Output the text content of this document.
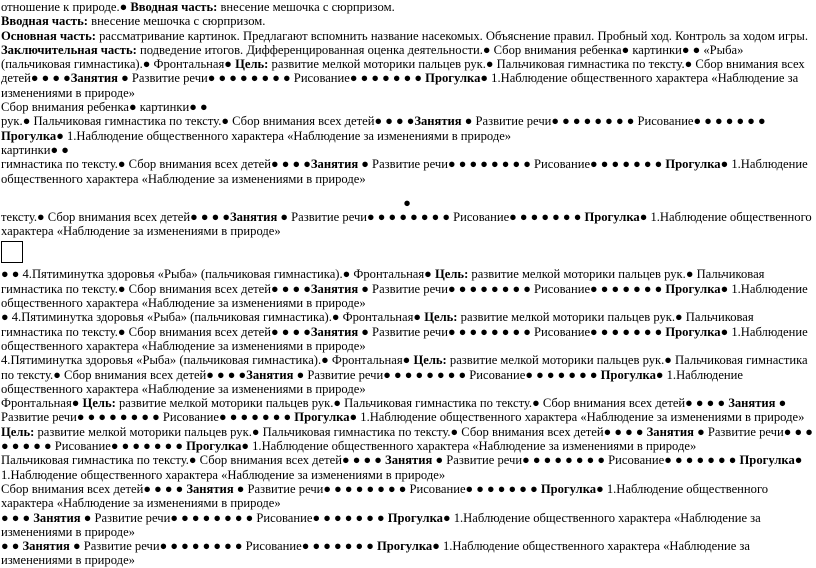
отношение к природе.● Вводная часть: внесение мешочка с сюрпризом.

Вводная часть: внесение мешочка с сюрпризом.

Основная часть: рассматривание картинок. Предлагают вспомнить название насекомых. Объяснение правил. Пробный ход. Контроль за ходом игры.

Заключительная часть: подведение итогов. Дифференцированная оценка деятельности.● Сбор внимания ребенка● картинки● ● «Рыба» (пальчиковая гимнастика).● Фронтальная● Цель: развитие мелкой моторики пальцев рук.● Пальчиковая гимнастика по тексту.● Сбор внимания всех детей● ● ● ●Занятия ● Развитие речи● ● ● ● ● ● ● ● Рисование● ● ● ● ● ● ● Прогулка● 1.Наблюдение общественного характера «Наблюдение за изменениями в природе»

Сбор внимания ребенка● картинки● ●

рук.● Пальчиковая гимнастика по тексту.● Сбор внимания всех детей● ● ● ●Занятия ● Развитие речи● ● ● ● ● ● ● ● Рисование● ● ● ● ● ● ● Прогулка● 1.Наблюдение общественного характера «Наблюдение за изменениями в природе»

картинки● ●

гимнастика по тексту.● Сбор внимания всех детей● ● ● ●Занятия ● Развитие речи● ● ● ● ● ● ● ● Рисование● ● ● ● ● ● ● Прогулка● 1.Наблюдение общественного характера «Наблюдение за изменениями в природе»

●

тексту.● Сбор внимания всех детей● ● ● ●Занятия ● Развитие речи● ● ● ● ● ● ● ● Рисование● ● ● ● ● ● ● Прогулка● 1.Наблюдение общественного характера «Наблюдение за изменениями в природе»

● ● 4.Пятиминутка здоровья «Рыба» (пальчиковая гимнастика).● Фронтальная● Цель: развитие мелкой моторики пальцев рук.● Пальчиковая гимнастика по тексту.● Сбор внимания всех детей● ● ● ●Занятия ● Развитие речи● ● ● ● ● ● ● ● Рисование● ● ● ● ● ● ● Прогулка● 1.Наблюдение общественного характера «Наблюдение за изменениями в природе»

● 4.Пятиминутка здоровья «Рыба» (пальчиковая гимнастика).● Фронтальная● Цель: развитие мелкой моторики пальцев рук.● Пальчиковая гимнастика по тексту.● Сбор внимания всех детей● ● ● ●Занятия ● Развитие речи● ● ● ● ● ● ● ● Рисование● ● ● ● ● ● ● Прогулка● 1.Наблюдение общественного характера «Наблюдение за изменениями в природе»

4.Пятиминутка здоровья «Рыба» (пальчиковая гимнастика).● Фронтальная● Цель: развитие мелкой моторики пальцев рук.● Пальчиковая гимнастика по тексту.● Сбор внимания всех детей● ● ● ●Занятия ● Развитие речи● ● ● ● ● ● ● ● Рисование● ● ● ● ● ● ● Прогулка● 1.Наблюдение общественного характера «Наблюдение за изменениями в природе»

Фронтальная● Цель: развитие мелкой моторики пальцев рук.● Пальчиковая гимнастика по тексту.● Сбор внимания всех детей● ● ● ● Занятия ● Развитие речи● ● ● ● ● ● ● ● Рисование● ● ● ● ● ● ● Прогулка● 1.Наблюдение общественного характера «Наблюдение за изменениями в природе»

Цель: развитие мелкой моторики пальцев рук.● Пальчиковая гимнастика по тексту.● Сбор внимания всех детей● ● ● ● Занятия ● Развитие речи● ● ● ● ● ● ● ● Рисование● ● ● ● ● ● ● Прогулка● 1.Наблюдение общественного характера «Наблюдение за изменениями в природе»

Пальчиковая гимнастика по тексту.● Сбор внимания всех детей● ● ● ● Занятия ● Развитие речи● ● ● ● ● ● ● ● Рисование● ● ● ● ● ● ● Прогулка● 1.Наблюдение общественного характера «Наблюдение за изменениями в природе»

Сбор внимания всех детей● ● ● ● Занятия ● Развитие речи● ● ● ● ● ● ● ● Рисование● ● ● ● ● ● ● Прогулка● 1.Наблюдение общественного характера «Наблюдение за изменениями в природе»

● ● ● Занятия ● Развитие речи● ● ● ● ● ● ● ● Рисование● ● ● ● ● ● ● Прогулка● 1.Наблюдение общественного характера «Наблюдение за изменениями в природе»

● ● Занятия ● Развитие речи● ● ● ● ● ● ● ● Рисование● ● ● ● ● ● ● Прогулка● 1.Наблюдение общественного характера «Наблюдение за изменениями в природе»
